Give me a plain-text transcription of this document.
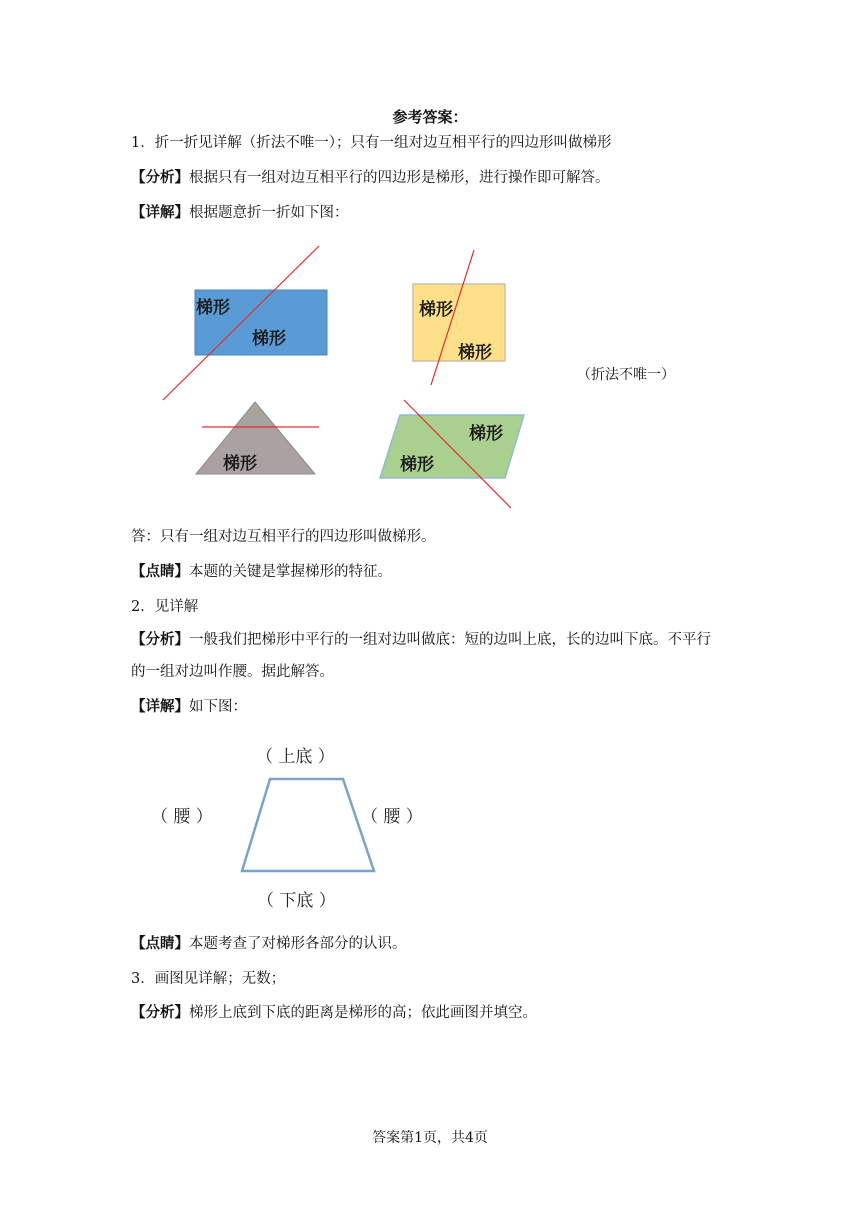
参考答案：
1．折一折见详解（折法不唯一）；只有一组对边互相平行的四边形叫做梯形
【分析】根据只有一组对边互相平行的四边形是梯形，进行操作即可解答。
【详解】根据题意折一折如下图：
梯形
梯形
梯形
梯形
梯形
梯形
梯形
（折法不唯一）
答：只有一组对边互相平行的四边形叫做梯形。
【点睛】本题的关键是掌握梯形的特征。
2．见详解
【分析】一般我们把梯形中平行的一组对边叫做底：短的边叫上底，长的边叫下底。不平行
的一组对边叫作腰。据此解答。
【详解】如下图：
（ 上底 ）
（ 腰 ）	（ 腰 ）
（ 下底 ）
【点睛】本题考查了对梯形各部分的认识。
3．画图见详解；无数；
【分析】梯形上底到下底的距离是梯形的高；依此画图并填空。
答案第1页，共4页
